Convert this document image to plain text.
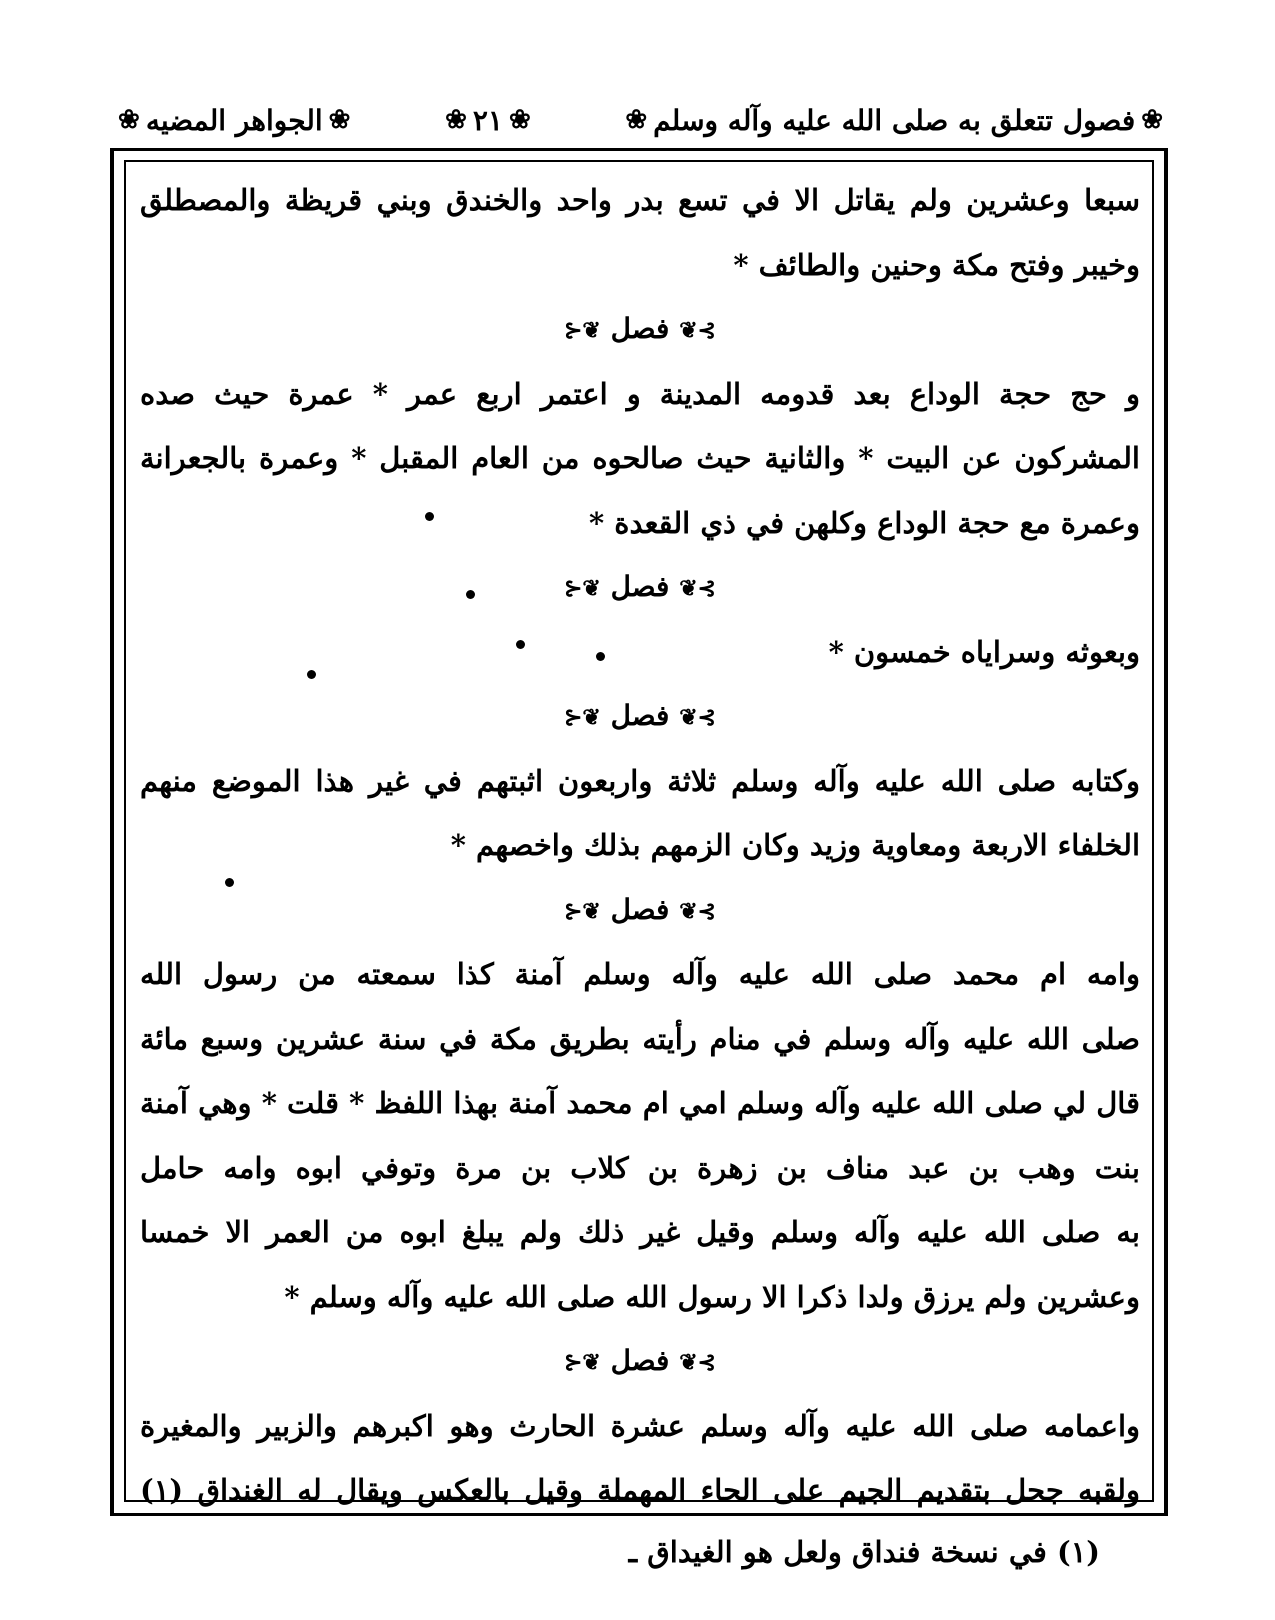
❀
فصول تتعلق به صلى الله عليه وآله وسلم
❀
❀
٢١
❀
❀
الجواهر المضيه
❀
سبعا وعشرين ولم يقاتل الا في تسع بدر واحد والخندق وبني قريظة والمصطلق
وخيبر وفتح مكة وحنين والطائف *
⊱❦ فصل ❦⊰
و حج حجة الوداع بعد قدومه المدينة و اعتمر اربع عمر * عمرة حيث صده
المشركون عن البيت * والثانية حيث صالحوه من العام المقبل * وعمرة بالجعرانة
وعمرة مع حجة الوداع وكلهن في ذي القعدة *
⊱❦ فصل ❦⊰
وبعوثه وسراياه خمسون *
⊱❦ فصل ❦⊰
وكتابه صلى الله عليه وآله وسلم ثلاثة واربعون اثبتهم في غير هذا الموضع منهم
الخلفاء الاربعة ومعاوية وزيد وكان الزمهم بذلك واخصهم *
⊱❦ فصل ❦⊰
وامه ام محمد صلى الله عليه وآله وسلم آمنة كذا سمعته من رسول الله
صلى الله عليه وآله وسلم في منام رأيته بطريق مكة في سنة عشرين وسبع مائة
قال لي صلى الله عليه وآله وسلم امي ام محمد آمنة بهذا اللفظ * قلت * وهي آمنة
بنت وهب بن عبد مناف بن زهرة بن كلاب بن مرة وتوفي ابوه وامه حامل
به صلى الله عليه وآله وسلم وقيل غير ذلك ولم يبلغ ابوه من العمر الا خمسا
وعشرين ولم يرزق ولدا ذكرا الا رسول الله صلى الله عليه وآله وسلم *
⊱❦ فصل ❦⊰
واعمامه صلى الله عليه وآله وسلم عشرة الحارث وهو اكبرهم والزبير والمغيرة
ولقبه جحل بتقديم الجيم على الحاء المهملة وقيل بالعكس ويقال له الغنداق (١)
(١) في نسخة فنداق ولعل هو الغيداق ـ
